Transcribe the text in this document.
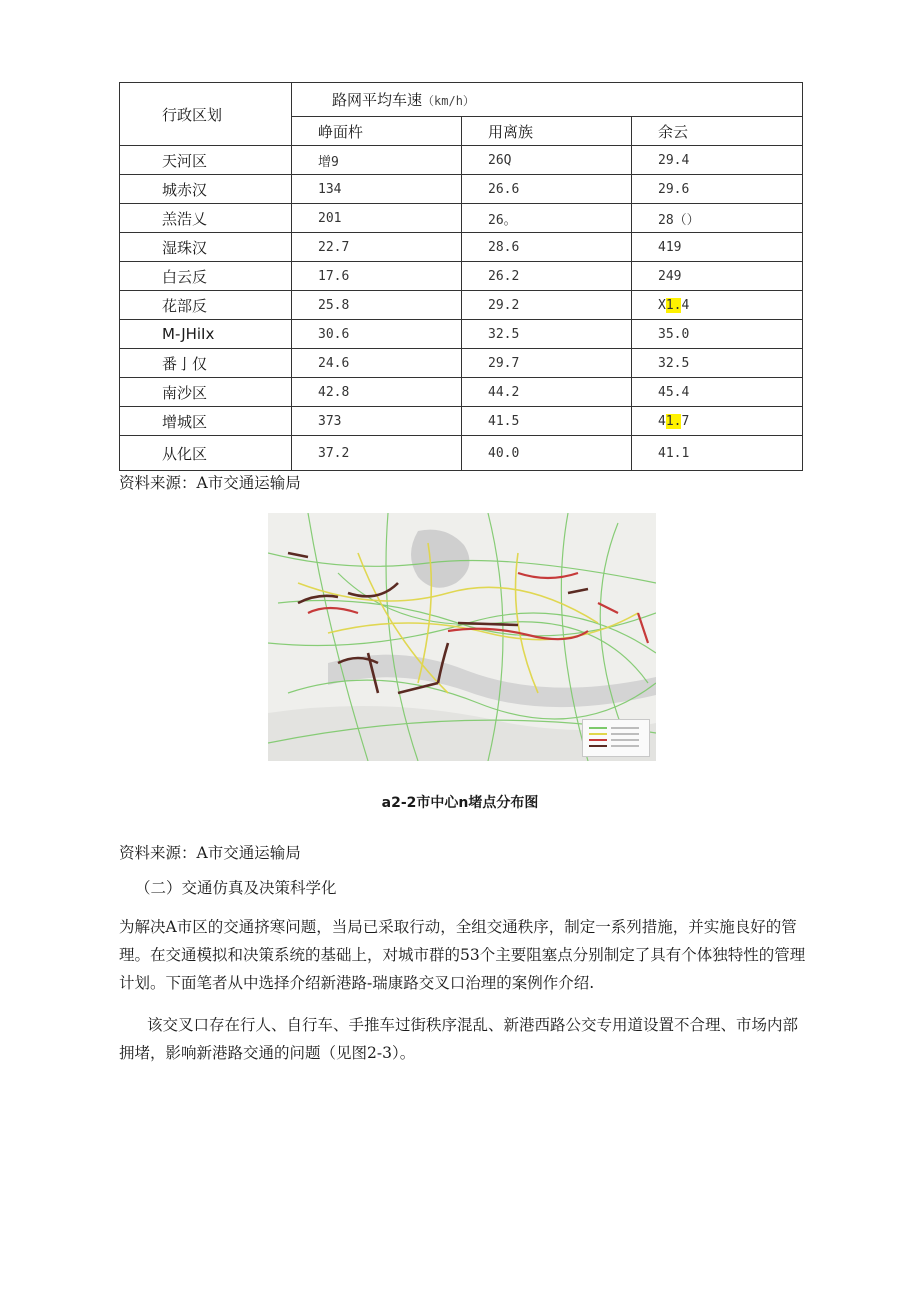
行政区划	路网平均车速（km/h）		
	峥面杵	用离族	余云
天河区	增9	26Q	29.4
城赤汉	134	26.6	29.6
羔浩乂	201	26。	28（）
湿珠汉	22.7	28.6	419
白云反	17.6	26.2	249
花部反	25.8	29.2	X1.4
M-JHiIx	30.6	32.5	35.0
番亅仅	24.6	29.7	32.5
南沙区	42.8	44.2	45.4
增城区	373	41.5	41.7
从化区	37.2	40.0	41.1
资料来源：A市交通运输局
a2-2市中心n堵点分布图
资料来源：A市交通运输局
（二）交通仿真及决策科学化
为解决A市区的交通挤寒问题，当局已采取行动，全组交通秩序，制定一系列措施，并实施良好的管理。在交通模拟和决策系统的基础上，对城市群的53个主要阻塞点分别制定了具有个体独特性的管理计划。下面笔者从中选择介绍新港路-瑞康路交叉口治理的案例作介绍.
该交叉口存在行人、自行车、手推车过街秩序混乱、新港西路公交专用道设置不合理、市场内部拥堵，影响新港路交通的问题（见图2-3）。
